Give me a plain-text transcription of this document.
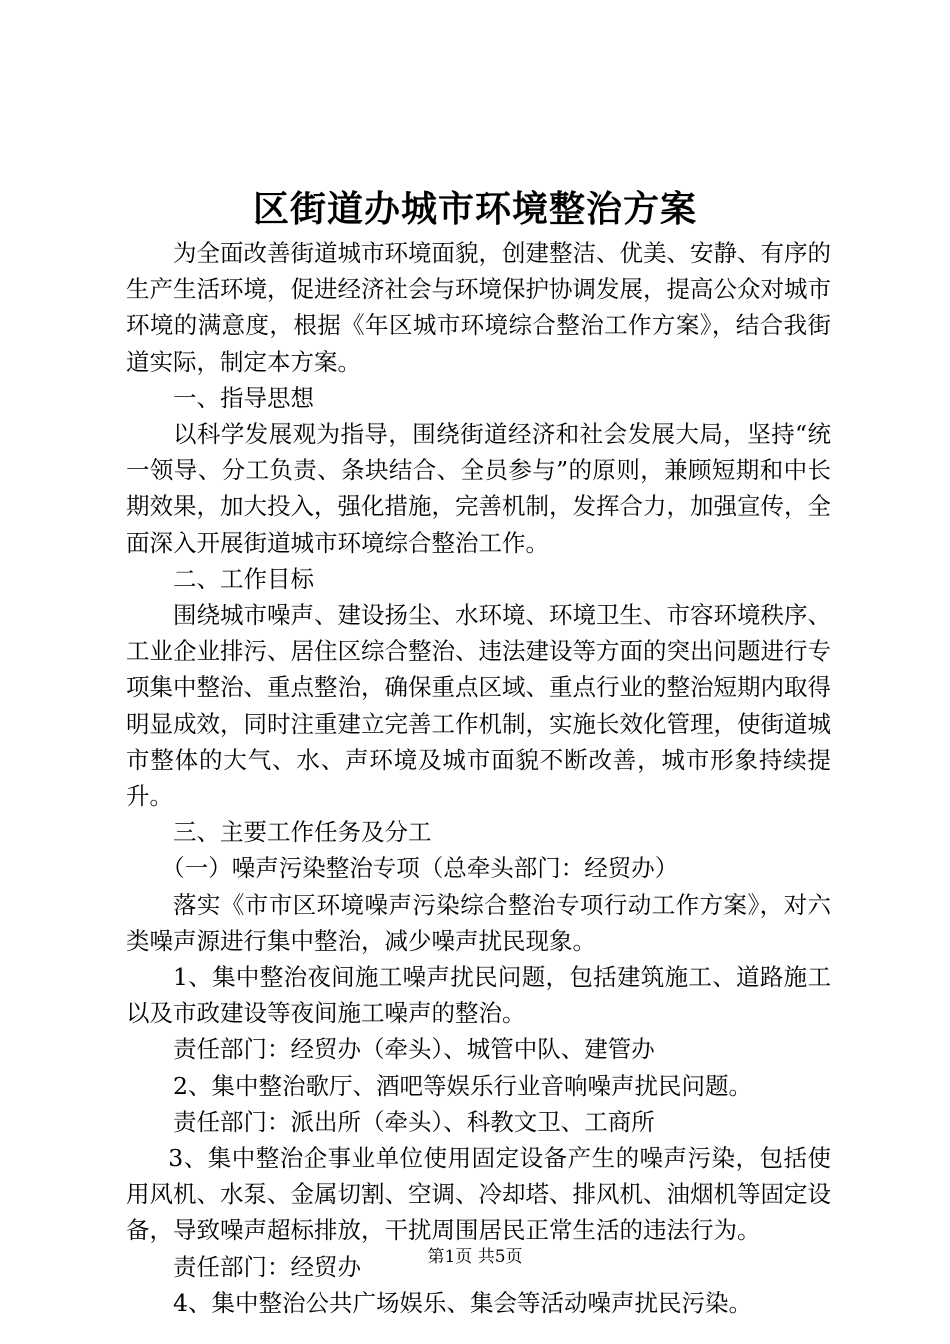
区街道办城市环境整治方案

为全面改善街道城市环境面貌，创建整洁、优美、安静、有序的生产生活环境，促进经济社会与环境保护协调发展，提高公众对城市环境的满意度，根据《年区城市环境综合整治工作方案》，结合我街道实际，制定本方案。

一、指导思想

以科学发展观为指导，围绕街道经济和社会发展大局，坚持“统一领导、分工负责、条块结合、全员参与”的原则，兼顾短期和中长期效果，加大投入，强化措施，完善机制，发挥合力，加强宣传，全面深入开展街道城市环境综合整治工作。

二、工作目标

围绕城市噪声、建设扬尘、水环境、环境卫生、市容环境秩序、工业企业排污、居住区综合整治、违法建设等方面的突出问题进行专项集中整治、重点整治，确保重点区域、重点行业的整治短期内取得明显成效，同时注重建立完善工作机制，实施长效化管理，使街道城市整体的大气、水、声环境及城市面貌不断改善，城市形象持续提升。

三、主要工作任务及分工

（一）噪声污染整治专项（总牵头部门：经贸办）

落实《市市区环境噪声污染综合整治专项行动工作方案》，对六类噪声源进行集中整治，减少噪声扰民现象。

1、集中整治夜间施工噪声扰民问题，包括建筑施工、道路施工以及市政建设等夜间施工噪声的整治。

责任部门：经贸办（牵头）、城管中队、建管办

2、集中整治歌厅、酒吧等娱乐行业音响噪声扰民问题。

责任部门：派出所（牵头）、科教文卫、工商所

3、集中整治企事业单位使用固定设备产生的噪声污染，包括使用风机、水泵、金属切割、空调、冷却塔、排风机、油烟机等固定设备，导致噪声超标排放，干扰周围居民正常生活的违法行为。

责任部门：经贸办

4、集中整治公共广场娱乐、集会等活动噪声扰民污染。

第1页 共5页
